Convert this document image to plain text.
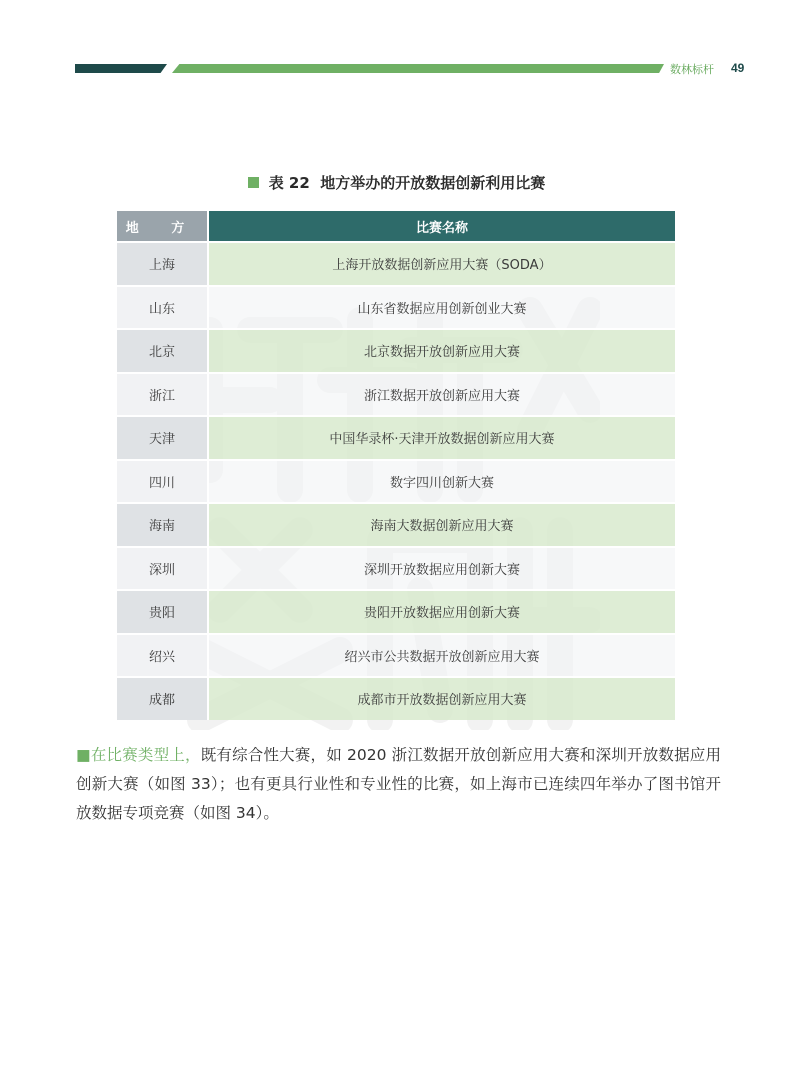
数林标杆 49
表 22 地方举办的开放数据创新利用比赛
地 方	比赛名称
上海	上海开放数据创新应用大赛（SODA）
山东	山东省数据应用创新创业大赛
北京	北京数据开放创新应用大赛
浙江	浙江数据开放创新应用大赛
天津	中国华录杯·天津开放数据创新应用大赛
四川	数字四川创新大赛
海南	海南大数据创新应用大赛
深圳	深圳开放数据应用创新大赛
贵阳	贵阳开放数据应用创新大赛
绍兴	绍兴市公共数据开放创新应用大赛
成都	成都市开放数据创新应用大赛
■在比赛类型上，既有综合性大赛，如 2020 浙江数据开放创新应用大赛和深圳开放数据应用创新大赛（如图 33）；也有更具行业性和专业性的比赛，如上海市已连续四年举办了图书馆开放数据专项竞赛（如图 34）。
